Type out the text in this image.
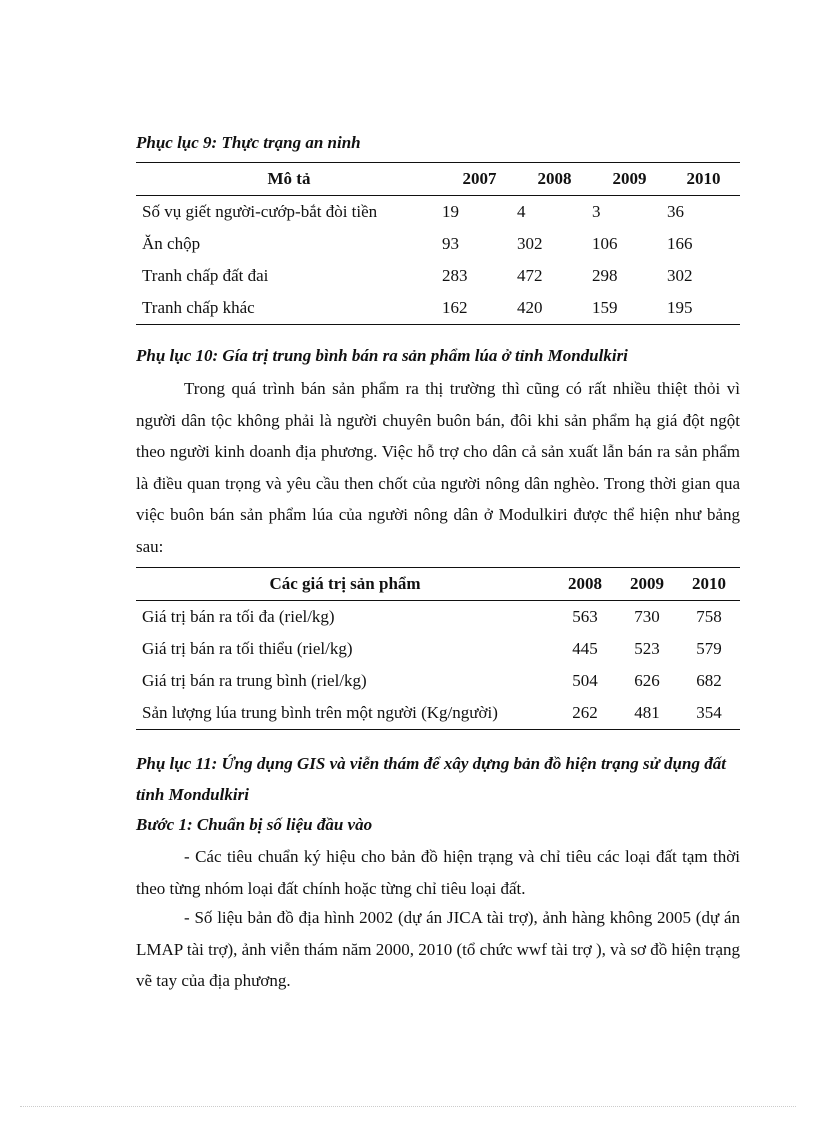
Phục lục 9: Thực trạng an ninh

Mô tả	2007	2008	2009	2010
Số vụ giết người-cướp-bắt đòi tiền	19	4	3	36
Ăn chộp	93	302	106	166
Tranh chấp đất đai	283	472	298	302
Tranh chấp khác	162	420	159	195

Phụ lục 10: Gía trị trung bình bán ra sản phẩm lúa ở tỉnh Mondulkiri

Trong quá trình bán sản phẩm ra thị trường thì cũng có rất nhiều thiệt thỏi vì người dân tộc không phải là người chuyên buôn bán, đôi khi sản phẩm hạ giá đột ngột theo người kinh doanh địa phương. Việc hỗ trợ cho dân cả sản xuất lẫn bán ra sản phẩm là điều quan trọng và yêu cầu then chốt của người nông dân nghèo. Trong thời gian qua việc buôn bán sản phẩm lúa của người nông dân ở Modulkiri được thể hiện như bảng sau:

Các giá trị sản phẩm	2008	2009	2010
Giá trị bán ra tối đa (riel/kg)	563	730	758
Giá trị bán ra tối thiểu (riel/kg)	445	523	579
Giá trị bán ra trung bình (riel/kg)	504	626	682
Sản lượng lúa trung bình trên một người (Kg/người)	262	481	354

Phụ lục 11: Ứng dụng GIS và viễn thám để xây dựng bản đồ hiện trạng sử dụng đất tỉnh Mondulkiri

Bước 1: Chuẩn bị số liệu đầu vào

- Các tiêu chuẩn ký hiệu cho bản đồ hiện trạng và chỉ tiêu các loại đất tạm thời theo từng nhóm loại đất chính hoặc từng chỉ tiêu loại đất.

- Số liệu bản đồ địa hình 2002 (dự án JICA tài trợ), ảnh hàng không 2005 (dự án LMAP tài trợ), ảnh viễn thám năm 2000, 2010 (tổ chức wwf tài trợ ), và sơ đồ hiện trạng vẽ tay của địa phương.
